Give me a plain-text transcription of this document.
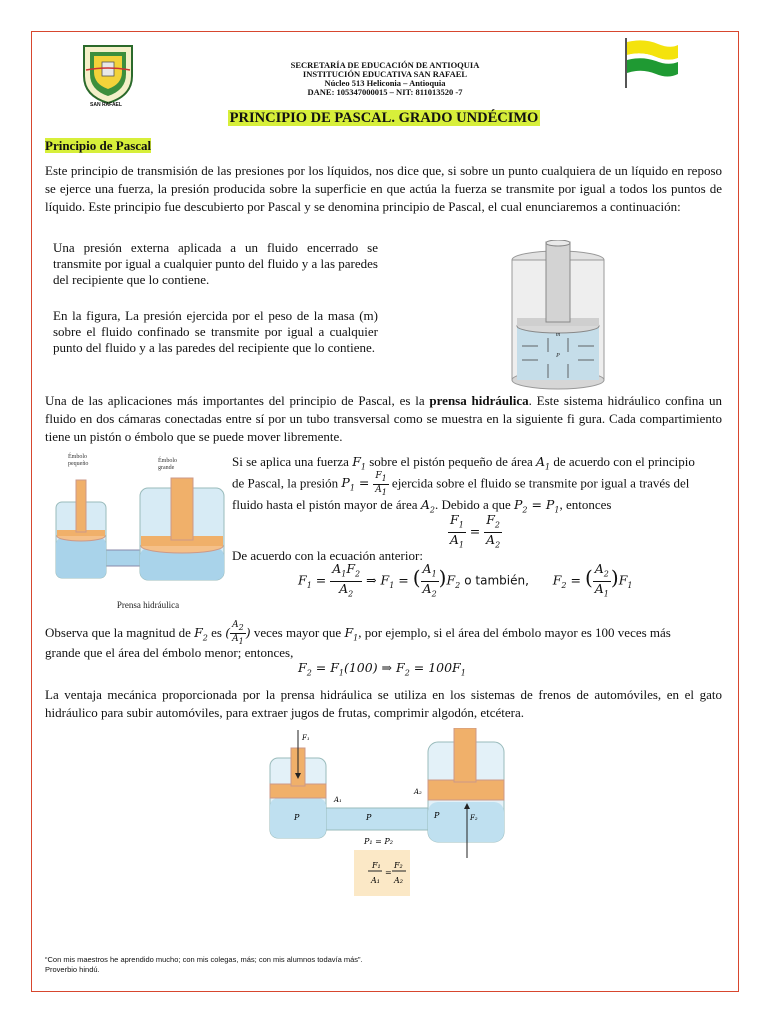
SAN RAFAEL
SECRETARÍA DE EDUCACIÓN DE ANTIOQUIA
INSTITUCIÓN EDUCATIVA SAN RAFAEL
Núcleo 513 Heliconia – Antioquia
DANE: 105347000015 – NIT: 811013520 -7
PRINCIPIO DE PASCAL. GRADO UNDÉCIMO
Principio de Pascal
Este principio de transmisión de las presiones por los líquidos, nos dice que, si sobre un punto cualquiera de un líquido en reposo se ejerce una fuerza, la presión producida sobre la superficie en que actúa la fuerza se transmite por igual a todos los puntos de líquido. Este principio fue descubierto por Pascal y se denomina principio de Pascal, el cual enunciaremos a continuación:
Una presión externa aplicada a un fluido encerrado se transmite por igual a cualquier punto del fluido y a las paredes del recipiente que lo contiene.
En la figura, La presión ejercida por el peso de la masa (m) sobre el fluido confinado se transmite por igual a cualquier punto del fluido y a las paredes del recipiente que lo contiene.
m
P
Una de las aplicaciones más importantes del principio de Pascal, es la prensa hidráulica. Este sistema hidráulico confina un fluido en dos cámaras conectadas entre sí por un tubo transversal como se muestra en la siguiente fi gura. Cada compartimiento tiene un pistón o émbolo que se puede mover libremente.
Émbolo
pequeño	Émbolo
grande
Prensa hidráulica
Si se aplica una fuerza $F_1$ sobre el pistón pequeño de área $A_1$ de acuerdo con el principio
de Pascal, la presión $P_1 = \frac{F_1}{A_1}$ ejercida sobre el fluido se transmite por igual a través del
fluido hasta el pistón mayor de área $A_2$. Debido a que $P_2 = P_1$, entonces
$\frac{F_1}{A_1} = \frac{F_2}{A_2}$
De acuerdo con la ecuación anterior:
$F_1 = \frac{A_1F_2}{A_2}$ ⇒ $F_1$ = ( $\frac{A_1}{A_2} )F_2$ o también,      $F_2$ = ( $\frac{A_2}{A_1} )F_1$
Observa que la magnitud de $F_2$ es ( $\frac{A_2}{A_1}$ ) veces mayor que $F_1$, por ejemplo, si el área del émbolo mayor es 100 veces más
grande que el área del émbolo menor; entonces,
$F_2 = F_1(100)$ ⇒ $F_2 = 100F_1$
La ventaja mecánica proporcionada por la prensa hidráulica se utiliza en los sistemas de frenos de automóviles, en el gato hidráulico para subir automóviles, para extraer jugos de frutas, comprimir algodón, etcétera.
F₁
F₂
P	P	P
A₁
A₂
P₁ = P₂
F₁
A₁
=
F₂
A₂
“Con mis maestros he aprendido mucho; con mis colegas, más; con mis alumnos todavía más”.
Proverbio hindú.
